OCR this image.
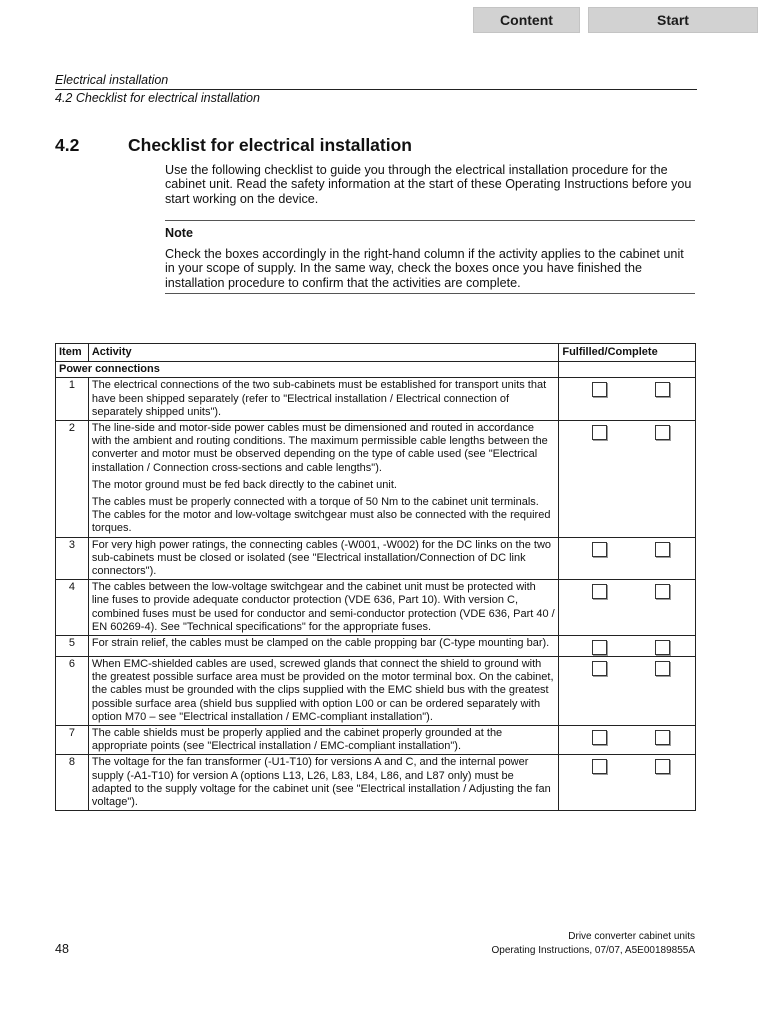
Content	Start
Electrical installation
4.2 Checklist for electrical installation
4.2	Checklist for electrical installation

Use the following checklist to guide you through the electrical installation procedure for the cabinet unit. Read the safety information at the start of these Operating Instructions before you start working on the device.

Note

Check the boxes accordingly in the right-hand column if the activity applies to the cabinet unit in your scope of supply. In the same way, check the boxes once you have finished the installation procedure to confirm that the activities are complete.

Item	Activity	Fulfilled/Complete
Power connections		
1	The electrical connections of the two sub-cabinets must be established for transport units that have been shipped separately (refer to "Electrical installation / Electrical connection of separately shipped units").	

2	The line-side and motor-side power cables must be dimensioned and routed in accordance with the ambient and routing conditions. The maximum permissible cable lengths between the converter and motor must be observed depending on the type of cable used (see "Electrical installation / Connection cross-sections and cable lengths").

The motor ground must be fed back directly to the cabinet unit.

The cables must be properly connected with a torque of 50 Nm to the cabinet unit terminals. The cables for the motor and low-voltage switchgear must also be connected with the required torques.	

3	For very high power ratings, the connecting cables (-W001, -W002) for the DC links on the two sub-cabinets must be closed or isolated (see "Electrical installation/Connection of DC link connectors").	

4	The cables between the low-voltage switchgear and the cabinet unit must be protected with line fuses to provide adequate conductor protection (VDE 636, Part 10). With version C, combined fuses must be used for conductor and semi-conductor protection (VDE 636, Part 40 / EN 60269-4). See "Technical specifications" for the appropriate fuses.	

5	For strain relief, the cables must be clamped on the cable propping bar (C-type mounting bar).	

6	When EMC-shielded cables are used, screwed glands that connect the shield to ground with the greatest possible surface area must be provided on the motor terminal box. On the cabinet, the cables must be grounded with the clips supplied with the EMC shield bus with the greatest possible surface area (shield bus supplied with option L00 or can be ordered separately with option M70 – see "Electrical installation / EMC-compliant installation").	

7	The cable shields must be properly applied and the cabinet properly grounded at the appropriate points (see "Electrical installation / EMC-compliant installation").	

8	The voltage for the fan transformer (-U1-T10) for versions A and C, and the internal power supply (-A1-T10) for version A (options L13, L26, L83, L84, L86, and L87 only) must be adapted to the supply voltage for the cabinet unit (see "Electrical installation / Adjusting the fan voltage").	

48
Drive converter cabinet units
Operating Instructions, 07/07, A5E00189855A
